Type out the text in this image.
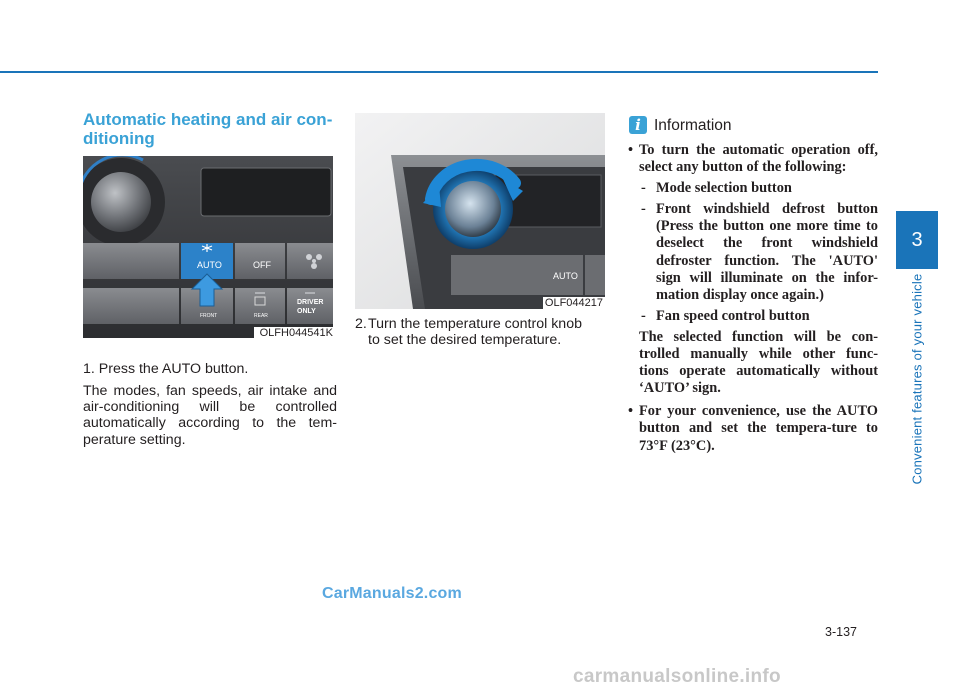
Automatic heating and air con-
ditioning
AUTO	OFF
FRONT	REAR
DRIVER
ONLY
OLFH044541K
AUTO
OLF044217

1. Press the AUTO button.

The modes, fan speeds, air intake and air-conditioning will be controlled automatically according to the tem-perature setting.

2.Turn the temperature control knob
to set the desired temperature.

i Information

• To turn the automatic operation off, select any button of the following:

- Mode selection button

- Front windshield defrost button (Press the button one more time to deselect the front windshield defroster function. The 'AUTO' sign will illuminate on the infor-mation display once again.)

- Fan speed control button

The selected function will be con-trolled manually while other func-tions operate automatically without ‘AUTO’ sign.

• For your convenience, use the AUTO button and set the tempera-ture to 73°F (23°C).

3
Convenient features of your vehicle
3-137
CarManuals2.com
carmanualsonline.info
